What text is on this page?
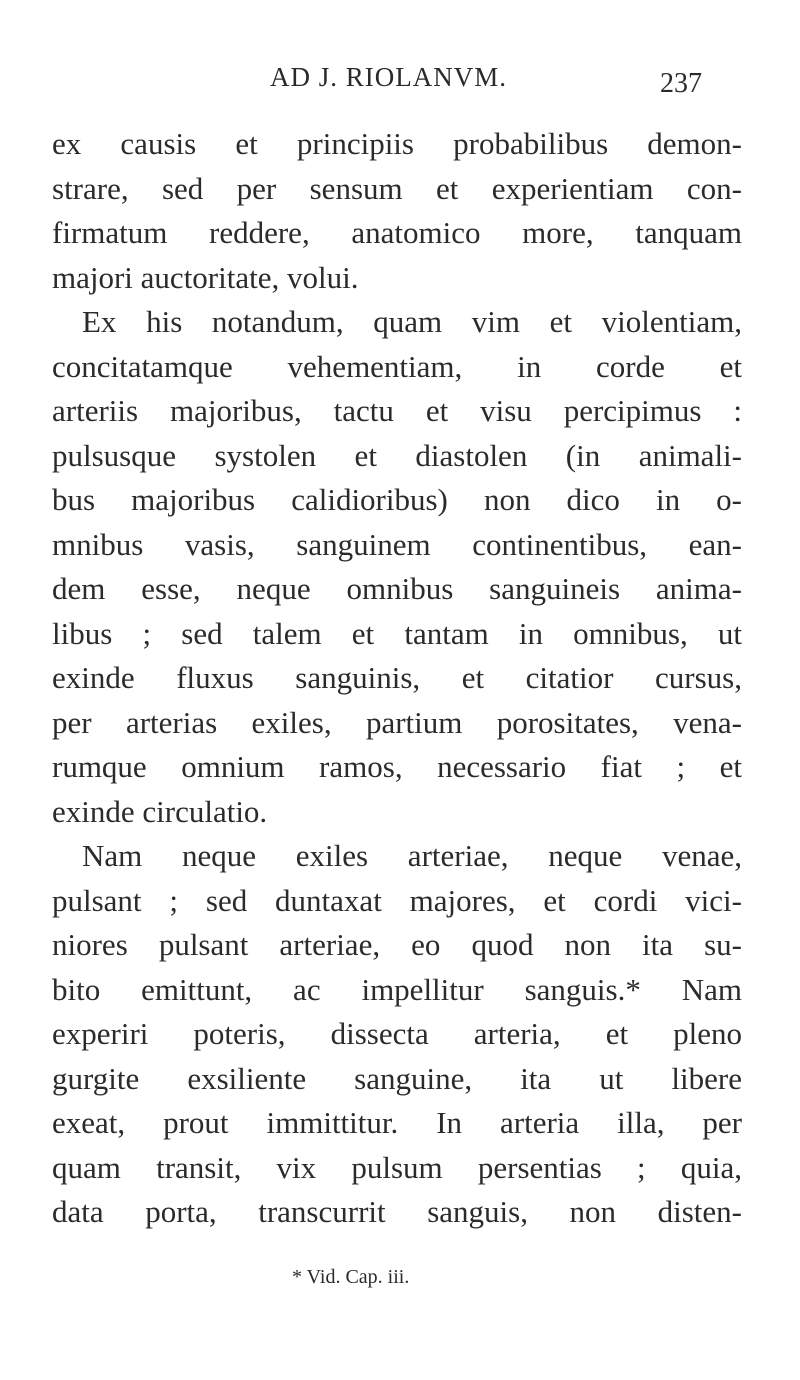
AD J. RIOLANVM.	237
ex causis et principiis probabilibus demon-
strare, sed per sensum et experientiam con-
firmatum reddere, anatomico more, tanquam
majori auctoritate, volui.
Ex his notandum, quam vim et violentiam,
concitatamque vehementiam, in corde et
arteriis majoribus, tactu et visu percipimus :
pulsusque systolen et diastolen (in animali-
bus majoribus calidioribus) non dico in o-
mnibus vasis, sanguinem continentibus, ean-
dem esse, neque omnibus sanguineis anima-
libus ; sed talem et tantam in omnibus, ut
exinde fluxus sanguinis, et citatior cursus,
per arterias exiles, partium porositates, vena-
rumque omnium ramos, necessario fiat ; et
exinde circulatio.
Nam neque exiles arteriae, neque venae,
pulsant ; sed duntaxat majores, et cordi vici-
niores pulsant arteriae, eo quod non ita su-
bito emittunt, ac impellitur sanguis.* Nam
experiri poteris, dissecta arteria, et pleno
gurgite exsiliente sanguine, ita ut libere
exeat, prout immittitur. In arteria illa, per
quam transit, vix pulsum persentias ; quia,
data porta, transcurrit sanguis, non disten-
* Vid. Cap. iii.
